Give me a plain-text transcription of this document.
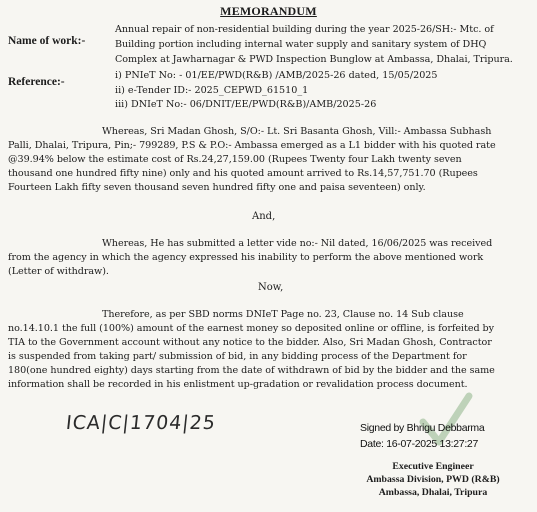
MEMORANDUM
Name of work:-
Annual repair of non-residential building during the year 2025-26/SH:- Mtc. of
Building portion including internal water supply and sanitary system of DHQ
Complex at Jawharnagar & PWD Inspection Bunglow at Ambassa, Dhalai, Tripura.
Reference:-
i) PNIeT No: - 01/EE/PWD(R&B) /AMB/2025-26 dated, 15/05/2025
ii) e-Tender ID:- 2025_CEPWD_61510_1
iii) DNIeT No:- 06/DNIT/EE/PWD(R&B)/AMB/2025-26
Whereas, Sri Madan Ghosh, S/O:- Lt. Sri Basanta Ghosh, Vill:- Ambassa Subhash
Palli, Dhalai, Tripura, Pin;- 799289, P.S & P.O:- Ambassa emerged as a L1 bidder with his quoted rate
@39.94% below the estimate cost of Rs.24,27,159.00 (Rupees Twenty four Lakh twenty seven
thousand one hundred fifty nine) only and his quoted amount arrived to Rs.14,57,751.70 (Rupees
Fourteen Lakh fifty seven thousand seven hundred fifty one and paisa seventeen) only.
And,
Whereas, He has submitted a letter vide no:- Nil dated, 16/06/2025 was received
from the agency in which the agency expressed his inability to perform the above mentioned work
(Letter of withdraw).
Now,
Therefore, as per SBD norms DNIeT Page no. 23, Clause no. 14 Sub clause
no.14.10.1 the full (100%) amount of the earnest money so deposited online or offline, is forfeited by
TIA to the Government account without any notice to the bidder. Also, Sri Madan Ghosh, Contractor
is suspended from taking part/ submission of bid, in any bidding process of the Department for
180(one hundred eighty) days starting from the date of withdrawn of bid by the bidder and the same
information shall be recorded in his enlistment up-gradation or revalidation process document.
ICA|C|1704|25	Signed by Bhrigu Debbarma
Date: 16-07-2025 13:27:27
Executive Engineer
Ambassa Division, PWD (R&B)
Ambassa, Dhalai, Tripura
